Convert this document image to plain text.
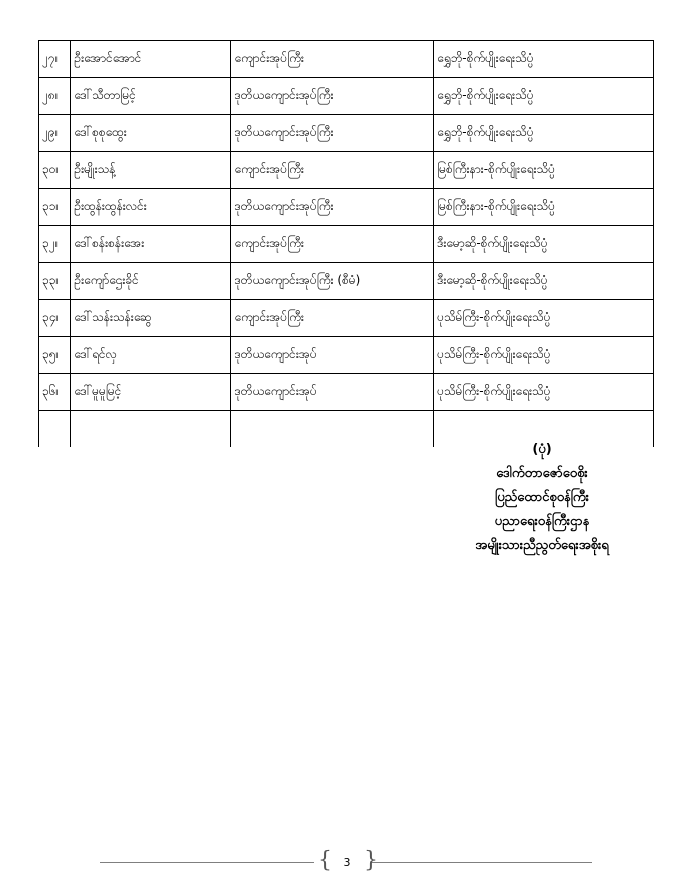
၂၇။	ဦးအောင်အောင်	ကျောင်းအုပ်ကြီး	ရွှေဘို-စိုက်ပျိုးရေးသိပ္ပံ
၂၈။	ဒေါ်သီတာမြင့်	ဒုတိယကျောင်းအုပ်ကြီး	ရွှေဘို-စိုက်ပျိုးရေးသိပ္ပံ
၂၉။	ဒေါ်စုစုထွေး	ဒုတိယကျောင်းအုပ်ကြီး	ရွှေဘို-စိုက်ပျိုးရေးသိပ္ပံ
၃၀။	ဦးမျိုးသန့်	ကျောင်းအုပ်ကြီး	မြစ်ကြီးနား-စိုက်ပျိုးရေးသိပ္ပံ
၃၁။	ဦးထွန်းထွန်းလင်း	ဒုတိယကျောင်းအုပ်ကြီး	မြစ်ကြီးနား-စိုက်ပျိုးရေးသိပ္ပံ
၃၂။	ဒေါ်စန်းစန်းအေး	ကျောင်းအုပ်ကြီး	ဒီးမော့ဆို-စိုက်ပျိုးရေးသိပ္ပံ
၃၃။	ဦးကျော်ဌေးခိုင်	ဒုတိယကျောင်းအုပ်ကြီး (စီမံ)	ဒီးမော့ဆို-စိုက်ပျိုးရေးသိပ္ပံ
၃၄။	ဒေါ်သန်းသန်းဆွေ	ကျောင်းအုပ်ကြီး	ပုသိမ်ကြီး-စိုက်ပျိုးရေးသိပ္ပံ
၃၅။	ဒေါ်ရင်လှ	ဒုတိယကျောင်းအုပ်	ပုသိမ်ကြီး-စိုက်ပျိုးရေးသိပ္ပံ
၃၆။	ဒေါ်မူမူမြင့်	ဒုတိယကျောင်းအုပ်	ပုသိမ်ကြီး-စိုက်ပျိုးရေးသိပ္ပံ

(ပုံ)
ဒေါက်တာဇော်ဝေစိုး
ပြည်ထောင်စုဝန်ကြီး
ပညာရေးဝန်ကြီးဌာန
အမျိုးသားညီညွတ်ရေးအစိုးရ
{	3 }
